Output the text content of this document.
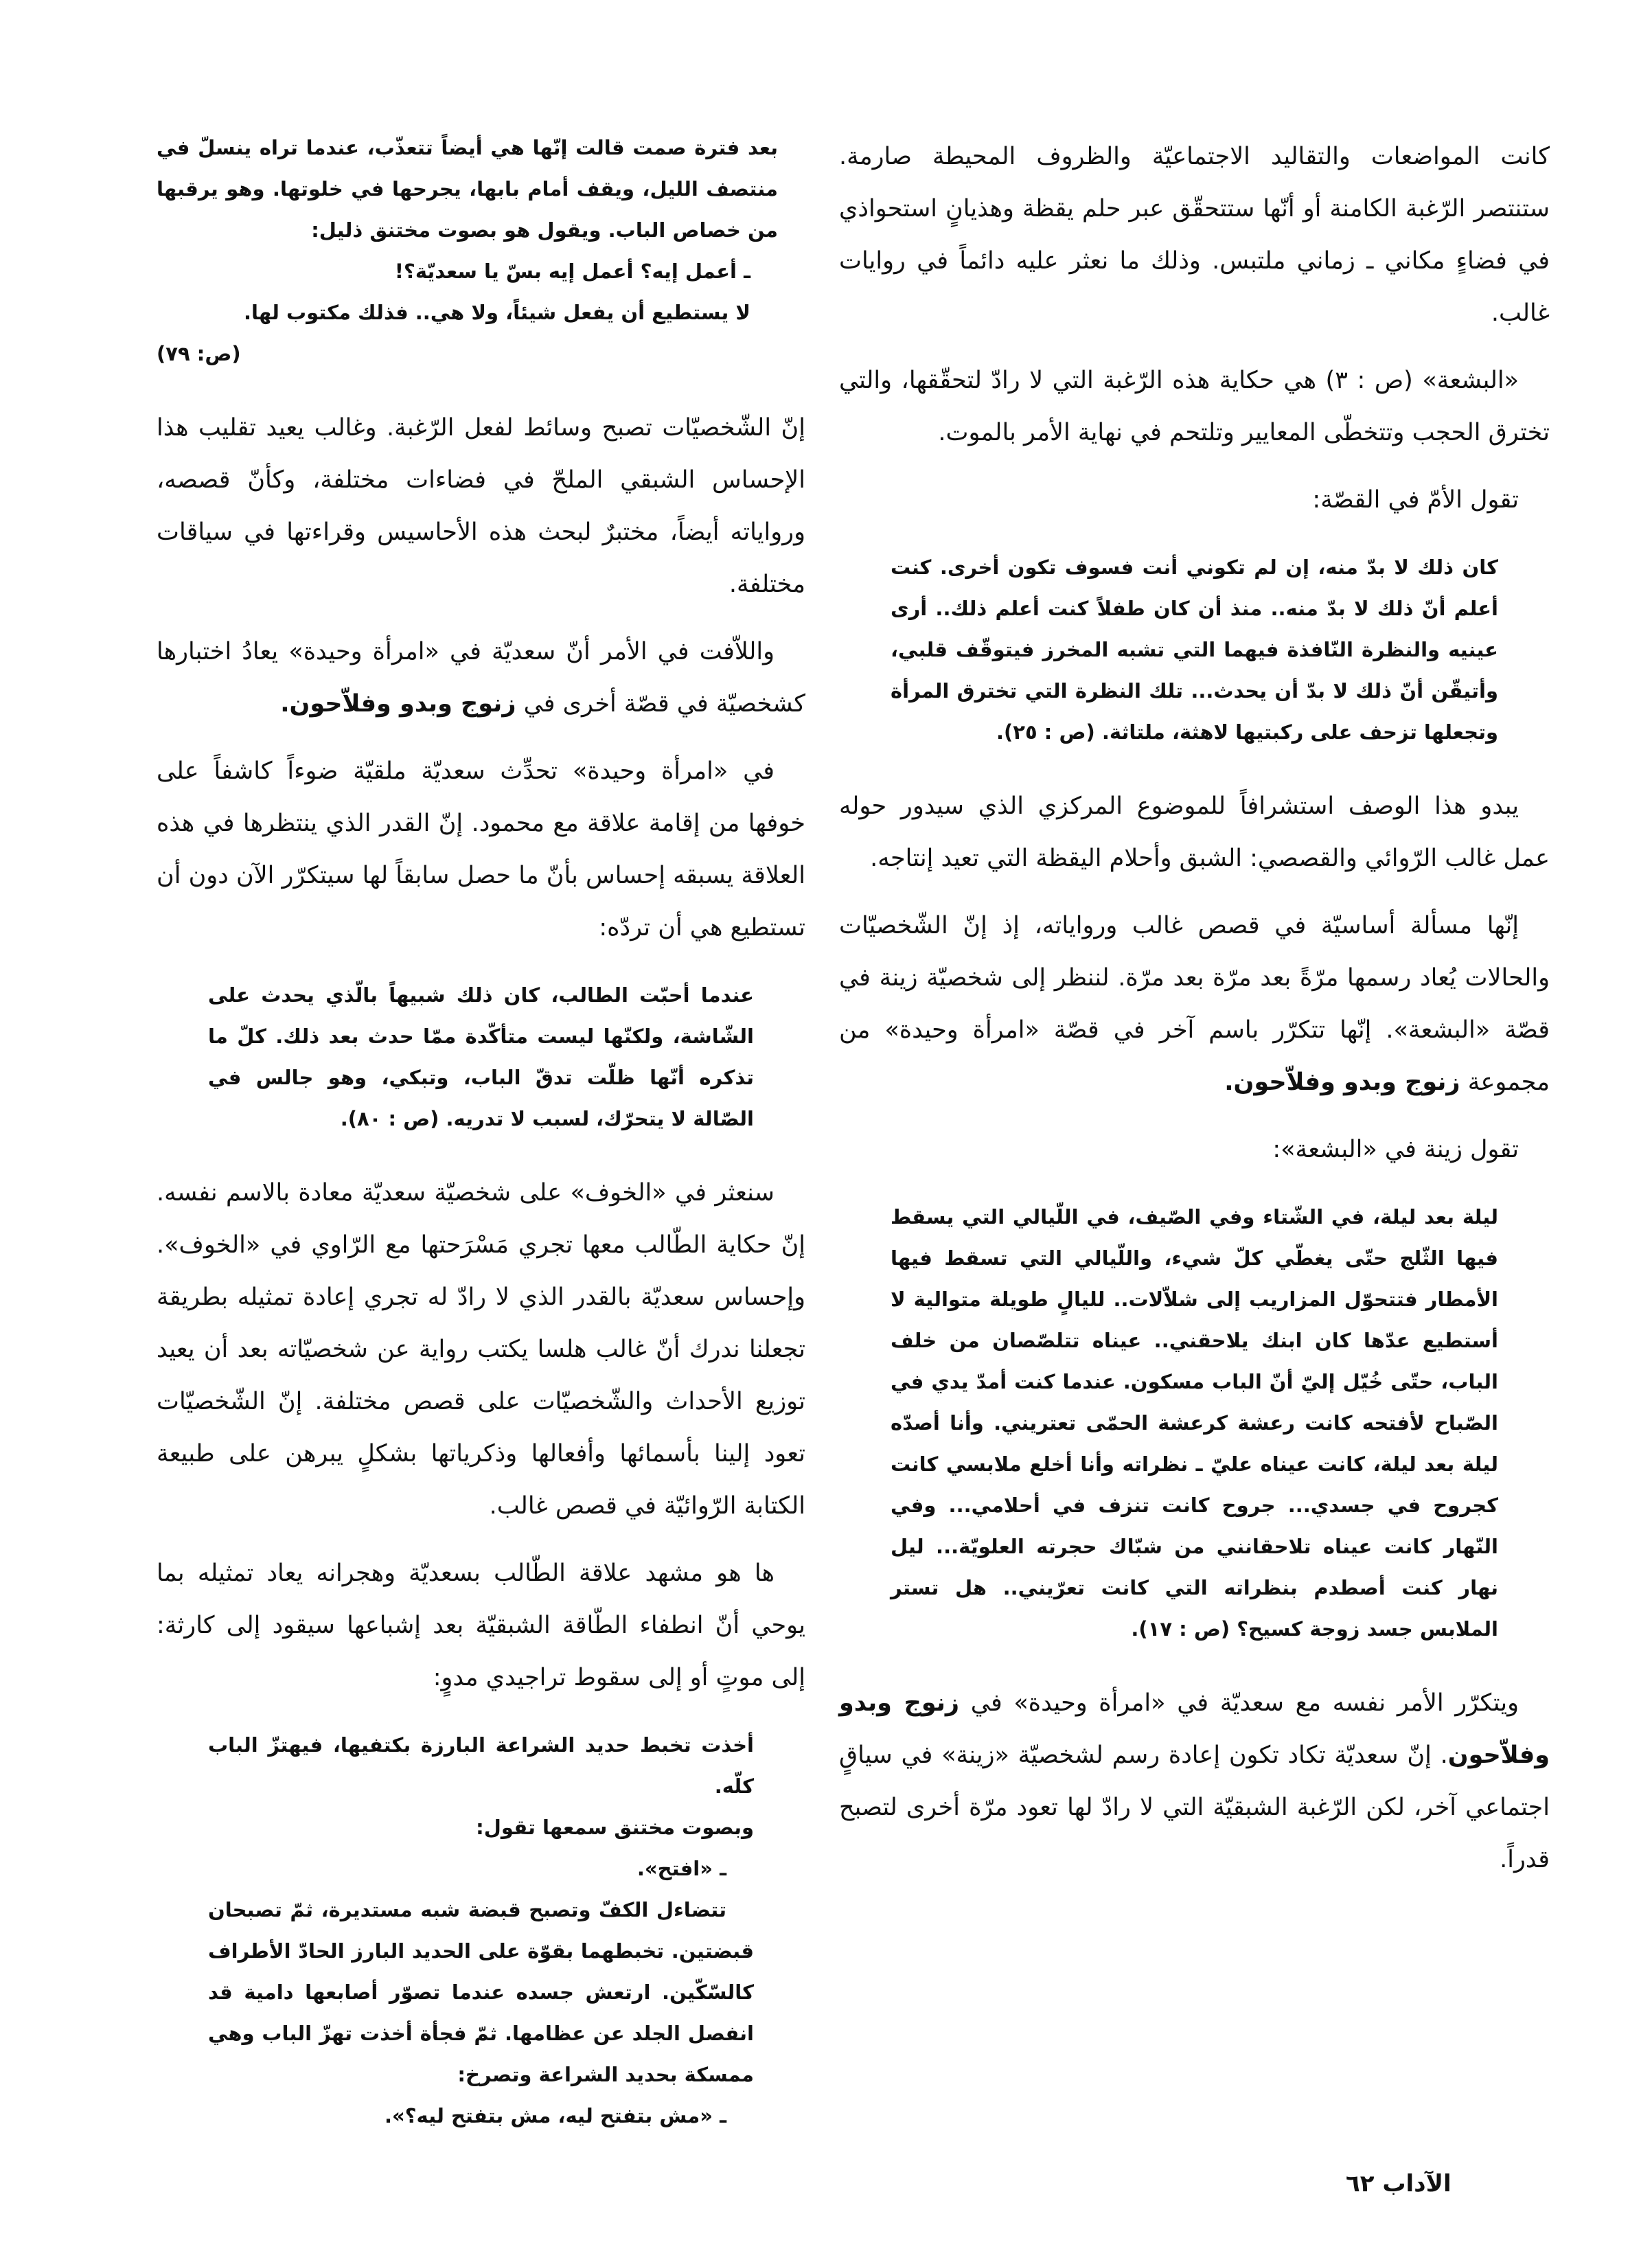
كانت المواضعات والتقاليد الاجتماعيّة والظروف المحيطة صارمة. ستنتصر الرّغبة الكامنة أو أنّها ستتحقّق عبر حلم يقظة وهذيانٍ استحواذي في فضاءٍ مكاني ـ زماني ملتبس. وذلك ما نعثر عليه دائماً في روايات غالب.

«البشعة» (ص : ٣) هي حكاية هذه الرّغبة التي لا رادّ لتحقّقها، والتي تخترق الحجب وتتخطّى المعايير وتلتحم في نهاية الأمر بالموت.

تقول الأمّ في القصّة:

كان ذلك لا بدّ منه، إن لم تكوني أنت فسوف تكون أخرى. كنت أعلم أنّ ذلك لا بدّ منه.. منذ أن كان طفلاً كنت أعلم ذلك.. أرى عينيه والنظرة النّافذة فيهما التي تشبه المخرز فيتوقّف قلبي، وأتيقّن أنّ ذلك لا بدّ أن يحدث... تلك النظرة التي تخترق المرأة وتجعلها تزحف على ركبتيها لاهثة، ملتاثة. (ص : ٢٥).

يبدو هذا الوصف استشرافاً للموضوع المركزي الذي سيدور حوله عمل غالب الرّوائي والقصصي: الشبق وأحلام اليقظة التي تعيد إنتاجه.

إنّها مسألة أساسيّة في قصص غالب ورواياته، إذ إنّ الشّخصيّات والحالات يُعاد رسمها مرّةً بعد مرّة بعد مرّة. لننظر إلى شخصيّة زينة في قصّة «البشعة». إنّها تتكرّر باسم آخر في قصّة «امرأة وحيدة» من مجموعة زنوج وبدو وفلاّحون.

تقول زينة في «البشعة»:

ليلة بعد ليلة، في الشّتاء وفي الصّيف، في اللّيالي التي يسقط فيها الثّلج حتّى يغطّي كلّ شيء، واللّيالي التي تسقط فيها الأمطار فتتحوّل المزاريب إلى شلاّلات.. لليالٍ طويلة متوالية لا أستطيع عدّها كان ابنك يلاحقني.. عيناه تتلصّصان من خلف الباب، حتّى خُيّل إليّ أنّ الباب مسكون. عندما كنت أمدّ يدي في الصّباح لأفتحه كانت رعشة كرعشة الحمّى تعتريني. وأنا أصدّه ليلة بعد ليلة، كانت عيناه عليّ ـ نظراته وأنا أخلع ملابسي كانت كجروح في جسدي... جروح كانت تنزف في أحلامي... وفي النّهار كانت عيناه تلاحقانني من شبّاك حجرته العلويّة... ليل نهار كنت أصطدم بنظراته التي كانت تعرّيني.. هل تستر الملابس جسد زوجة كسيح؟ (ص : ١٧).

ويتكرّر الأمر نفسه مع سعديّة في «امرأة وحيدة» في زنوج وبدو وفلاّحون. إنّ سعديّة تكاد تكون إعادة رسم لشخصيّة «زينة» في سياقٍ اجتماعي آخر، لكن الرّغبة الشبقيّة التي لا رادّ لها تعود مرّة أخرى لتصبح قدراً.

بعد فترة صمت قالت إنّها هي أيضاً تتعذّب، عندما تراه ينسلّ في منتصف الليل، ويقف أمام بابها، يجرحها في خلوتها. وهو يرقبها من خصاص الباب. ويقول هو بصوت مختنق ذليل:
ـ أعمل إيه؟ أعمل إيه بسّ يا سعديّة؟!
لا يستطيع أن يفعل شيئاً، ولا هي.. فذلك مكتوب لها.
(ص: ٧٩)

إنّ الشّخصيّات تصبح وسائط لفعل الرّغبة. وغالب يعيد تقليب هذا الإحساس الشبقي الملحّ في فضاءات مختلفة، وكأنّ قصصه، ورواياته أيضاً، مختبرٌ لبحث هذه الأحاسيس وقراءتها في سياقات مختلفة.

واللاّفت في الأمر أنّ سعديّة في «امرأة وحيدة» يعادُ اختبارها كشخصيّة في قصّة أخرى في زنوج وبدو وفلاّحون.

في «امرأة وحيدة» تحدِّث سعديّة ملقيّة ضوءاً كاشفاً على خوفها من إقامة علاقة مع محمود. إنّ القدر الذي ينتظرها في هذه العلاقة يسبقه إحساس بأنّ ما حصل سابقاً لها سيتكرّر الآن دون أن تستطيع هي أن تردّه:

عندما أحبّت الطالب، كان ذلك شبيهاً بالّذي يحدث على الشّاشة، ولكنّها ليست متأكّدة ممّا حدث بعد ذلك. كلّ ما تذكره أنّها ظلّت تدقّ الباب، وتبكي، وهو جالس في الصّالة لا يتحرّك، لسبب لا تدريه. (ص : ٨٠).

سنعثر في «الخوف» على شخصيّة سعديّة معادة بالاسم نفسه. إنّ حكاية الطّالب معها تجري مَسْرَحتها مع الرّاوي في «الخوف». وإحساس سعديّة بالقدر الذي لا رادّ له تجري إعادة تمثيله بطريقة تجعلنا ندرك أنّ غالب هلسا يكتب رواية عن شخصيّاته بعد أن يعيد توزيع الأحداث والشّخصيّات على قصص مختلفة. إنّ الشّخصيّات تعود إلينا بأسمائها وأفعالها وذكرياتها بشكلٍ يبرهن على طبيعة الكتابة الرّوائيّة في قصص غالب.

ها هو مشهد علاقة الطّالب بسعديّة وهجرانه يعاد تمثيله بما يوحي أنّ انطفاء الطّاقة الشبقيّة بعد إشباعها سيقود إلى كارثة: إلى موتٍ أو إلى سقوط تراجيدي مدوٍ:

أخذت تخبط حديد الشراعة البارزة بكتفيها، فيهتزّ الباب كلّه.
وبصوت مختنق سمعها تقول:
ـ «افتح».
تتضاءل الكفّ وتصبح قبضة شبه مستديرة، ثمّ تصبحان قبضتين. تخبطهما بقوّة على الحديد البارز الحادّ الأطراف كالسّكّين. ارتعش جسده عندما تصوّر أصابعها دامية قد انفصل الجلد عن عظامها. ثمّ فجأة أخذت تهزّ الباب وهي ممسكة بحديد الشراعة وتصرخ:
ـ «مش بتفتح ليه، مش بتفتح ليه؟».
الآداب ٦٢
